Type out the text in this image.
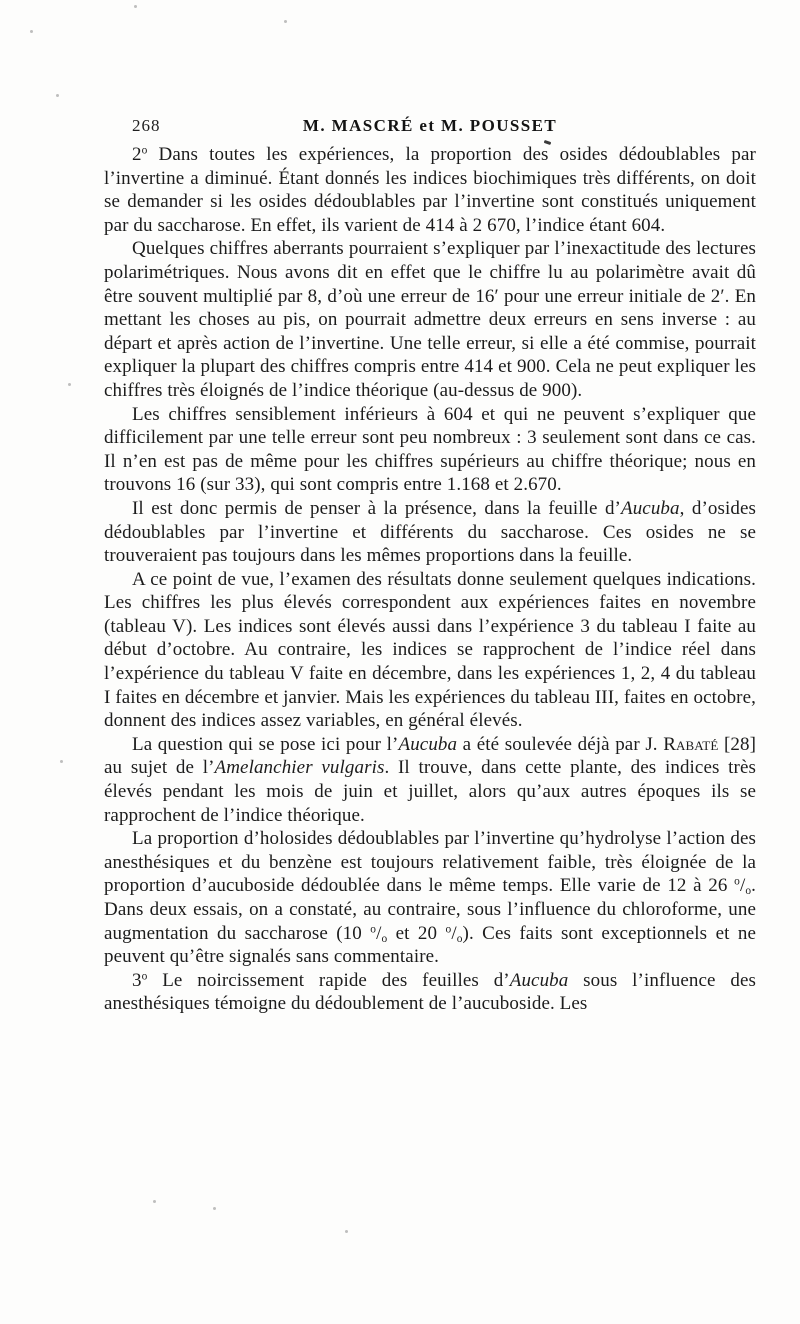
268	M. MASCRÉ et M. POUSSET

2$^o$ Dans toutes les expériences, la proportion des osides dédoublables par l’invertine a diminué. Étant donnés les indices biochimiques très différents, on doit se demander si les osides dédoublables par l’invertine sont constitués uniquement par du saccharose. En effet, ils varient de 414 à 2 670, l’indice étant 604.

Quelques chiffres aberrants pourraient s’expliquer par l’inexactitude des lectures polarimétriques. Nous avons dit en effet que le chiffre lu au polarimètre avait dû être souvent multiplié par 8, d’où une erreur de 16′ pour une erreur initiale de 2′. En mettant les choses au pis, on pourrait admettre deux erreurs en sens inverse : au départ et après action de l’invertine. Une telle erreur, si elle a été commise, pourrait expliquer la plupart des chiffres compris entre 414 et 900. Cela ne peut expliquer les chiffres très éloignés de l’indice théorique (au-dessus de 900).

Les chiffres sensiblement inférieurs à 604 et qui ne peuvent s’expliquer que difficilement par une telle erreur sont peu nombreux : 3 seulement sont dans ce cas. Il n’en est pas de même pour les chiffres supérieurs au chiffre théorique; nous en trouvons 16 (sur 33), qui sont compris entre 1.168 et 2.670.

Il est donc permis de penser à la présence, dans la feuille d’Aucuba, d’osides dédoublables par l’invertine et différents du saccharose. Ces osides ne se trouveraient pas toujours dans les mêmes proportions dans la feuille.

A ce point de vue, l’examen des résultats donne seulement quelques indications. Les chiffres les plus élevés correspondent aux expériences faites en novembre (tableau V). Les indices sont élevés aussi dans l’expérience 3 du tableau I faite au début d’octobre. Au contraire, les indices se rapprochent de l’indice réel dans l’expérience du tableau V faite en décembre, dans les expériences 1, 2, 4 du tableau I faites en décembre et janvier. Mais les expériences du tableau III, faites en octobre, donnent des indices assez variables, en général élevés.

La question qui se pose ici pour l’Aucuba a été soulevée déjà par J. Rabaté [28] au sujet de l’Amelanchier vulgaris. Il trouve, dans cette plante, des indices très élevés pendant les mois de juin et juillet, alors qu’aux autres époques ils se rapprochent de l’indice théorique.

La proportion d’holosides dédoublables par l’invertine qu’hydrolyse l’action des anesthésiques et du benzène est toujours relativement faible, très éloignée de la proportion d’aucuboside dédoublée dans le même temps. Elle varie de 12 à 26 $^o/_o$. Dans deux essais, on a constaté, au contraire, sous l’influence du chloroforme, une augmentation du saccharose (10 $^o/_o$ et 20 $^o/_o$). Ces faits sont exceptionnels et ne peuvent qu’être signalés sans commentaire.

3$^o$ Le noircissement rapide des feuilles d’Aucuba sous l’influence des anesthésiques témoigne du dédoublement de l’aucuboside. Les
